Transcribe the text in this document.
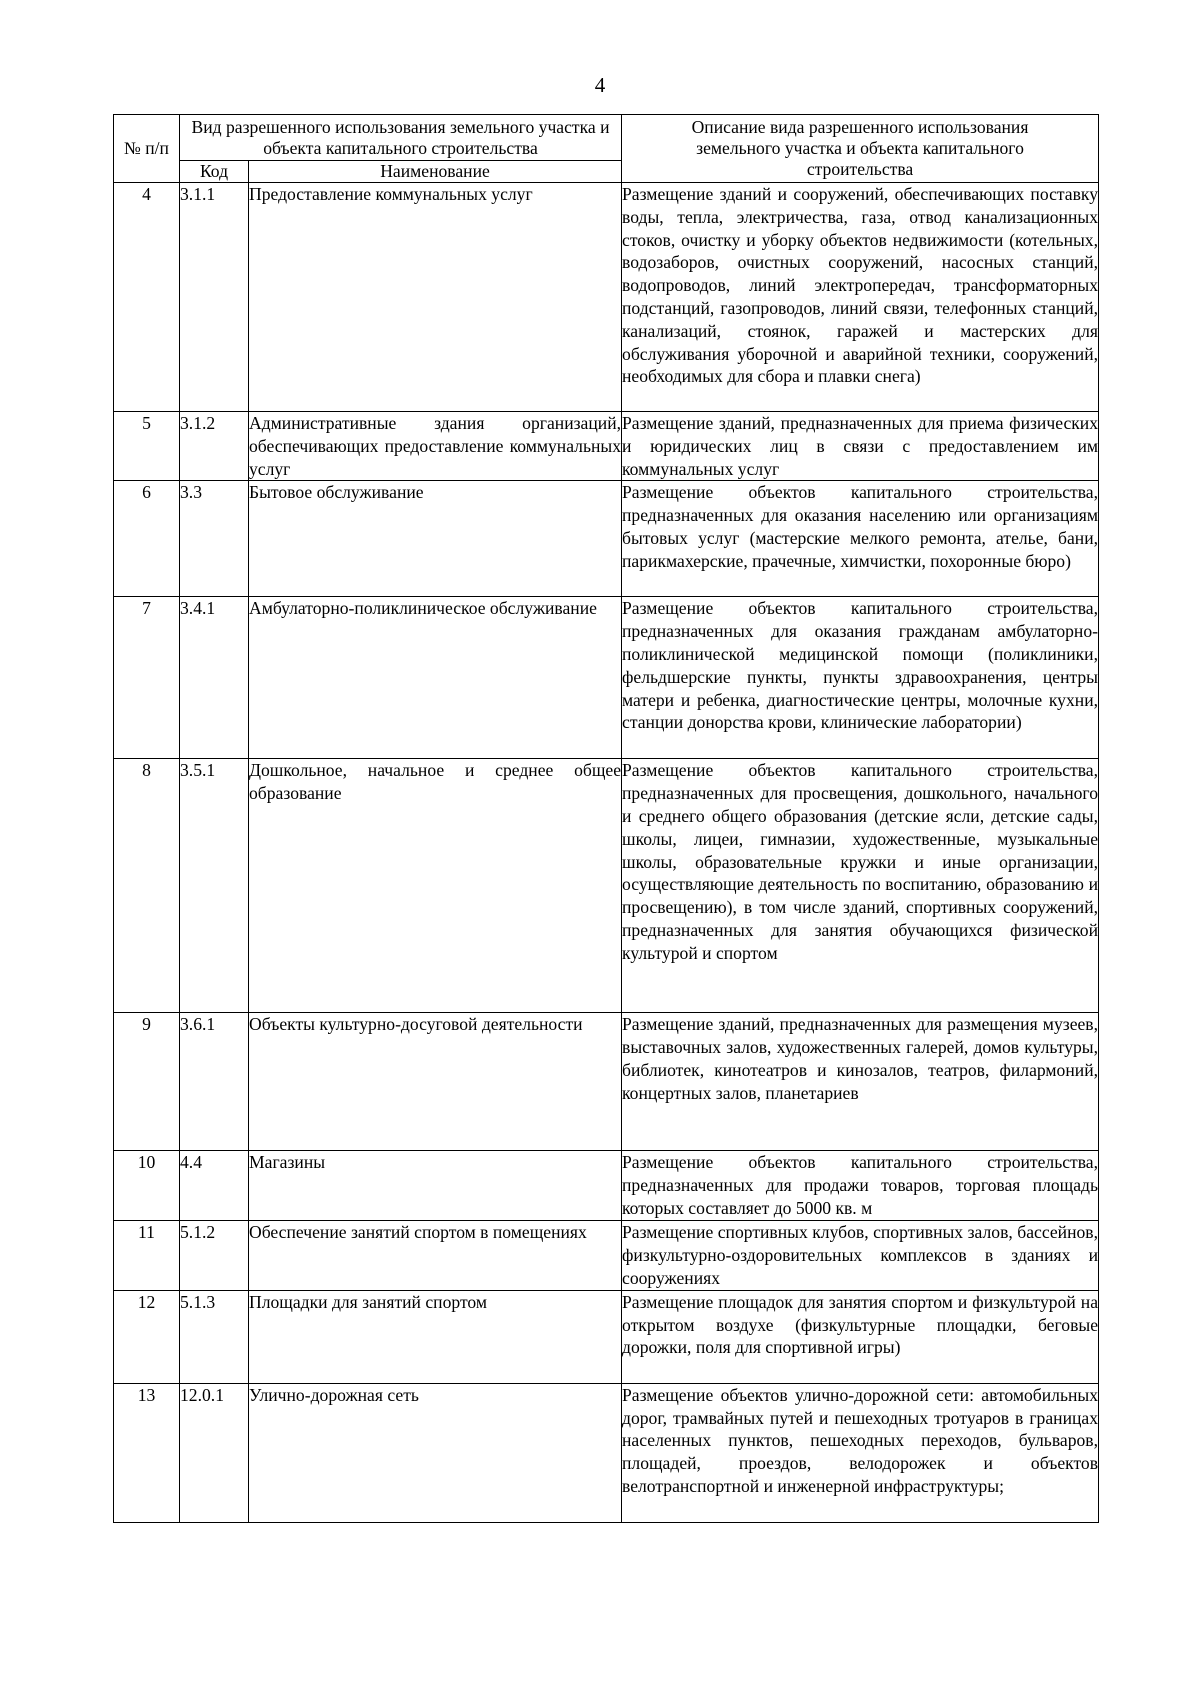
4
№ п/п	Вид разрешенного использования земельного участка и объекта капитального строительства		Описание вида разрешенного использования земельного участка и объекта капитального строительства
	Код	Наименование	
4	3.1.1	Предоставление коммунальных услуг	Размещение зданий и сооружений, обеспечивающих поставку воды, тепла, электричества, газа, отвод канализационных стоков, очистку и уборку объектов недвижимости (котельных, водозаборов, очистных сооружений, насосных станций, водопроводов, линий электропередач, трансформаторных подстанций, газопроводов, линий связи, телефонных станций, канализаций, стоянок, гаражей и мастерских для обслуживания уборочной и аварийной техники, сооружений, необходимых для сбора и плавки снега)
5	3.1.2	Административные здания организаций, обеспечивающих предоставление коммунальных услуг	Размещение зданий, предназначенных для приема физических и юридических лиц в связи с предоставлением им коммунальных услуг
6	3.3	Бытовое обслуживание	Размещение объектов капитального строительства, предназначенных для оказания населению или организациям бытовых услуг (мастерские мелкого ремонта, ателье, бани, парикмахерские, прачечные, химчистки, похоронные бюро)
7	3.4.1	Амбулаторно-поликлиническое обслуживание	Размещение объектов капитального строительства, предназначенных для оказания гражданам амбулаторно-поликлинической медицинской помощи (поликлиники, фельдшерские пункты, пункты здравоохранения, центры матери и ребенка, диагностические центры, молочные кухни, станции донорства крови, клинические лаборатории)
8	3.5.1	Дошкольное, начальное и среднее общее образование	Размещение объектов капитального строительства, предназначенных для просвещения, дошкольного, начального и среднего общего образования (детские ясли, детские сады, школы, лицеи, гимназии, художественные, музыкальные школы, образовательные кружки и иные организации, осуществляющие деятельность по воспитанию, образованию и просвещению), в том числе зданий, спортивных сооружений, предназначенных для занятия обучающихся физической культурой и спортом
9	3.6.1	Объекты культурно-досуговой деятельности	Размещение зданий, предназначенных для размещения музеев, выставочных залов, художественных галерей, домов культуры, библиотек, кинотеатров и кинозалов, театров, филармоний, концертных залов, планетариев
10	4.4	Магазины	Размещение объектов капитального строительства, предназначенных для продажи товаров, торговая площадь которых составляет до 5000 кв. м
11	5.1.2	Обеспечение занятий спортом в помещениях	Размещение спортивных клубов, спортивных залов, бассейнов, физкультурно-оздоровительных комплексов в зданиях и сооружениях
12	5.1.3	Площадки для занятий спортом	Размещение площадок для занятия спортом и физкультурой на открытом воздухе (физкультурные площадки, беговые дорожки, поля для спортивной игры)
13	12.0.1	Улично-дорожная сеть	Размещение объектов улично-дорожной сети: автомобильных дорог, трамвайных путей и пешеходных тротуаров в границах населенных пунктов, пешеходных переходов, бульваров, площадей, проездов, велодорожек и объектов велотранспортной и инженерной инфраструктуры;
